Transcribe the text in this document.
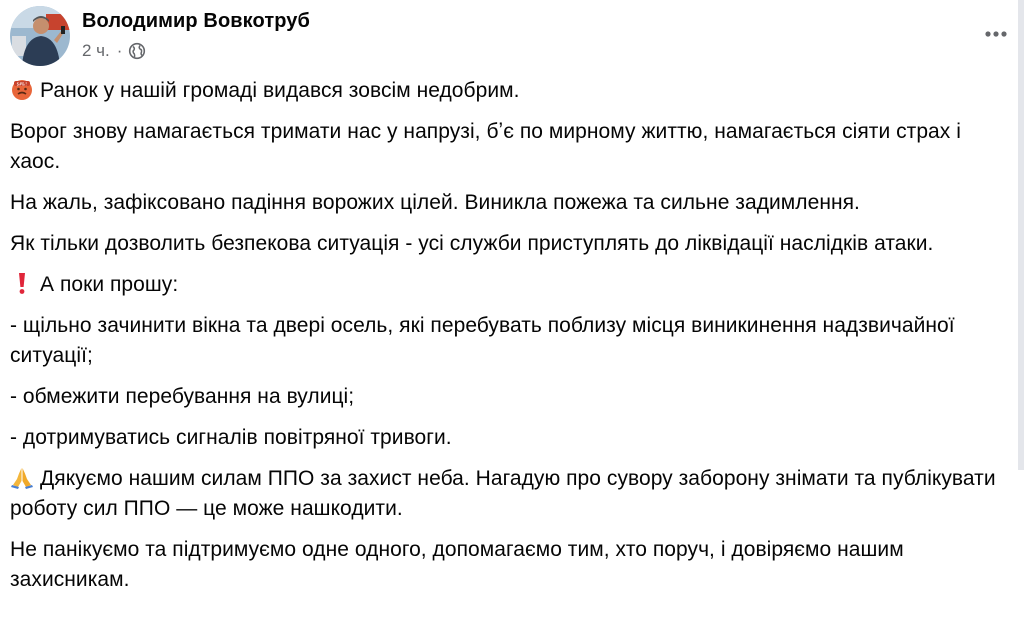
Володимир Вовкотруб
2 ч. ·

$#&! Ранок у нашій громаді видався зовсім недобрим.

Ворог знову намагається тримати нас у напрузі, бʼє по мирному життю, намагається сіяти страх і хаос.

На жаль, зафіксовано падіння ворожих цілей. Виникла пожежа та сильне задимлення.

Як тільки дозволить безпекова ситуація - усі служби приступлять до ліквідації наслідків атаки.

А поки прошу:

- щільно зачинити вікна та двері осель, які перебувать поблизу місця виникинення надзвичайної ситуації;

- обмежити перебування на вулиці;

- дотримуватись сигналів повітряної тривоги.

Дякуємо нашим силам ППО за захист неба. Нагадую про сувору заборону знімати та публікувати роботу сил ППО — це може нашкодити.

Не панікуємо та підтримуємо одне одного, допомагаємо тим, хто поруч, і довіряємо нашим захисникам.
